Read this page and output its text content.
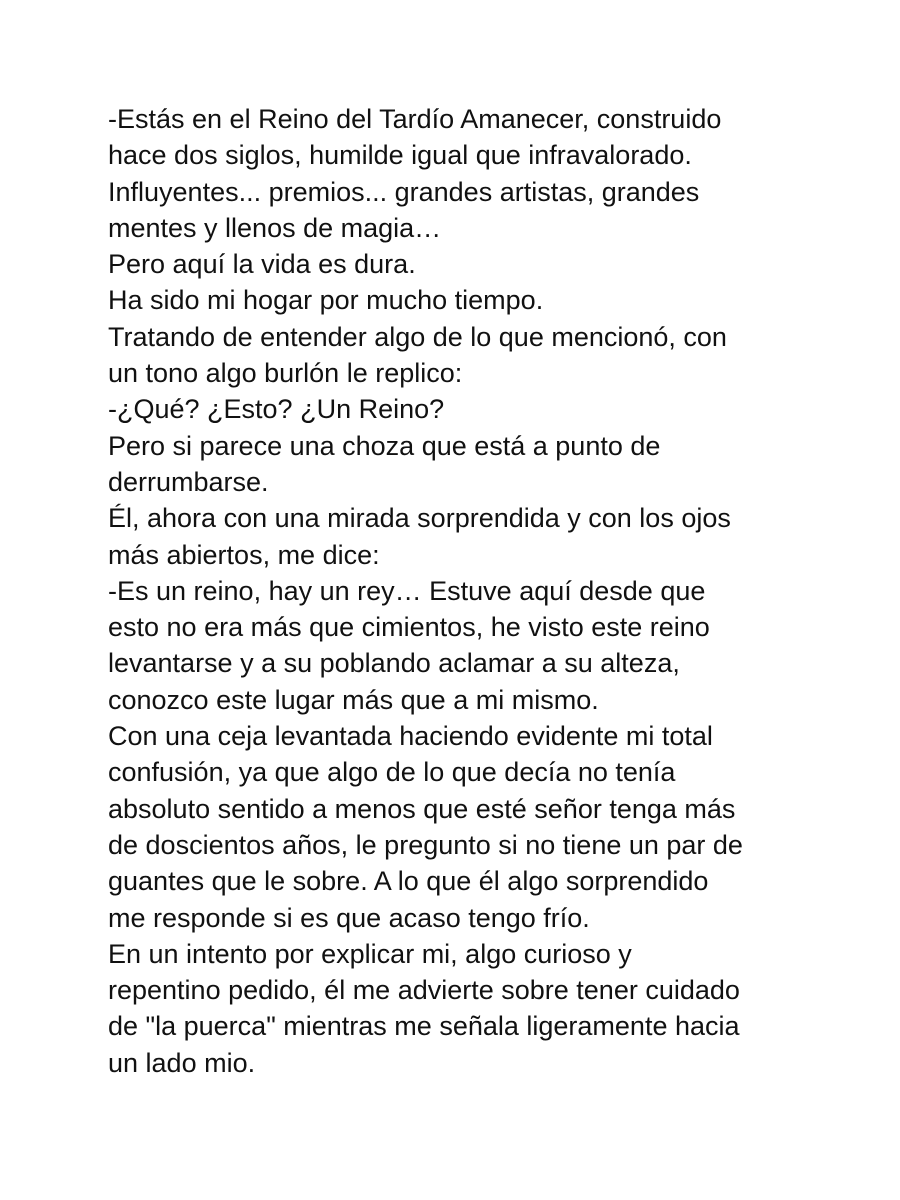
-Estás en el Reino del Tardío Amanecer, construido
hace dos siglos, humilde igual que infravalorado.
Influyentes... premios... grandes artistas, grandes
mentes y llenos de magia…
Pero aquí la vida es dura.
Ha sido mi hogar por mucho tiempo.
Tratando de entender algo de lo que mencionó, con
un tono algo burlón le replico:
-¿Qué? ¿Esto? ¿Un Reino?
Pero si parece una choza que está a punto de
derrumbarse.
Él, ahora con una mirada sorprendida y con los ojos
más abiertos, me dice:
-Es un reino, hay un rey… Estuve aquí desde que
esto no era más que cimientos, he visto este reino
levantarse y a su poblando aclamar a su alteza,
conozco este lugar más que a mi mismo.
Con una ceja levantada haciendo evidente mi total
confusión, ya que algo de lo que decía no tenía
absoluto sentido a menos que esté señor tenga más
de doscientos años, le pregunto si no tiene un par de
guantes que le sobre. A lo que él algo sorprendido
me responde si es que acaso tengo frío.
En un intento por explicar mi, algo curioso y
repentino pedido, él me advierte sobre tener cuidado
de "la puerca" mientras me señala ligeramente hacia
un lado mio.
